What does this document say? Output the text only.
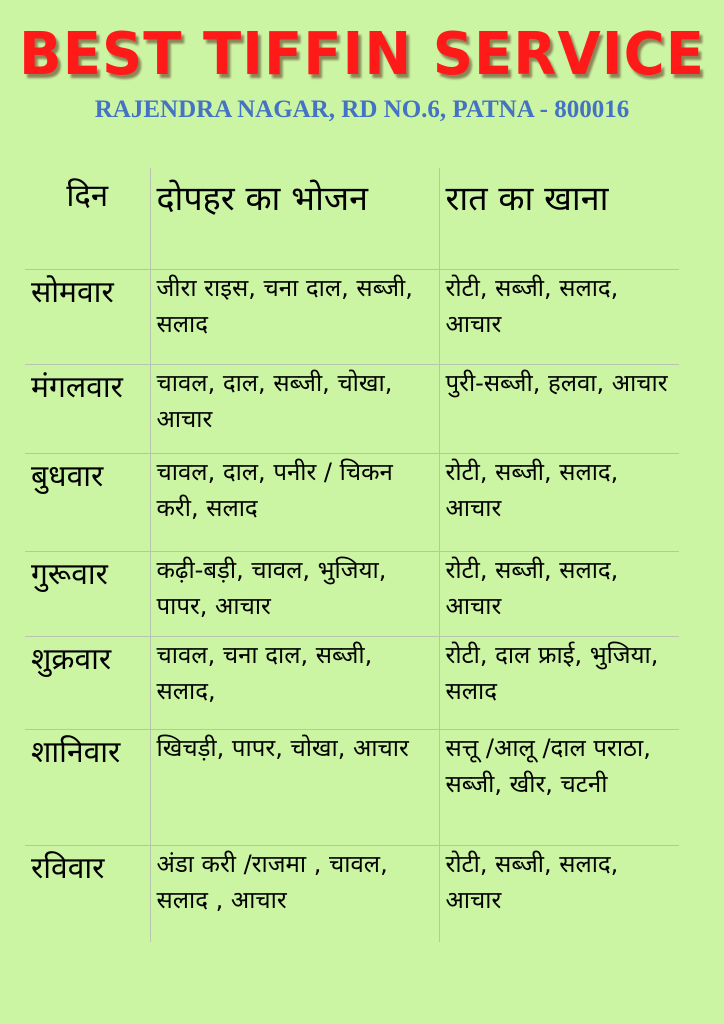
BEST TIFFIN SERVICE
RAJENDRA NAGAR, RD NO.6, PATNA - 800016
दिन	दोपहर का भोजन	रात का खाना
सोमवार	जीरा राइस, चना दाल, सब्जी, सलाद	रोटी, सब्जी, सलाद, आचार
मंगलवार	चावल, दाल, सब्जी, चोखा, आचार	पुरी-सब्जी, हलवा, आचार
बुधवार	चावल, दाल, पनीर / चिकन करी, सलाद	रोटी, सब्जी, सलाद, आचार
गुरूवार	कढ़ी-बड़ी, चावल, भुजिया, पापर, आचार	रोटी, सब्जी, सलाद, आचार
शुक्रवार	चावल, चना दाल, सब्जी, सलाद,	रोटी, दाल फ्राई, भुजिया, सलाद
शानिवार	खिचड़ी, पापर, चोखा, आचार	सत्तू /आलू /दाल पराठा, सब्जी, खीर, चटनी
रविवार	अंडा करी /राजमा , चावल, सलाद , आचार	रोटी, सब्जी, सलाद, आचार
